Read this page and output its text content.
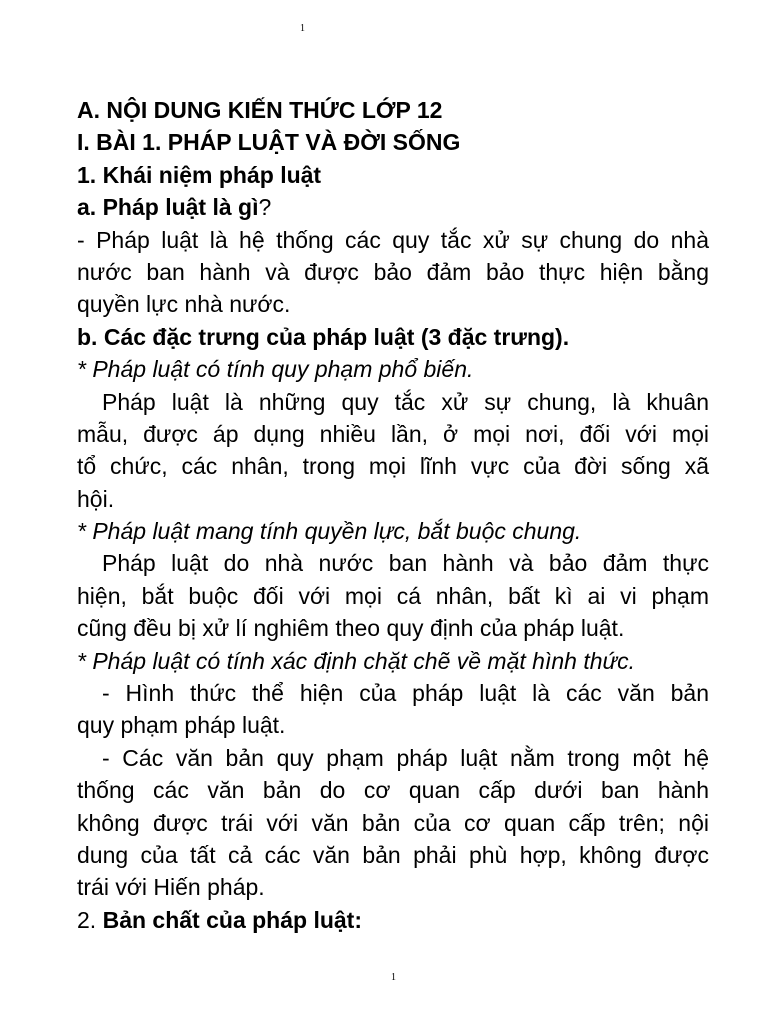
1
A. NỘI DUNG KIẾN THỨC LỚP 12
I. BÀI 1. PHÁP LUẬT VÀ ĐỜI SỐNG
1. Khái niệm pháp luật
a. Pháp luật là gì?
- Pháp luật là hệ thống các quy tắc xử sự chung do nhà
nước ban hành và được bảo đảm bảo thực hiện bằng
quyền lực nhà nước.
b. Các đặc trưng của pháp luật (3 đặc trưng).
* Pháp luật có tính quy phạm phổ biến.
Pháp luật là những quy tắc xử sự chung, là khuân
mẫu, được áp dụng nhiều lần, ở mọi nơi, đối với mọi
tổ chức, các nhân, trong mọi lĩnh vực của đời sống xã
hội.
* Pháp luật mang tính quyền lực, bắt buộc chung.
Pháp luật do nhà nước ban hành và bảo đảm thực
hiện, bắt buộc đối với mọi cá nhân, bất kì ai vi phạm
cũng đều bị xử lí nghiêm theo quy định của pháp luật.
* Pháp luật có tính xác định chặt chẽ về mặt hình thức.
- Hình thức thể hiện của pháp luật là các văn bản
quy phạm pháp luật.
- Các văn bản quy phạm pháp luật nằm trong một hệ
thống các văn bản do cơ quan cấp dưới ban hành
không được trái với văn bản của cơ quan cấp trên; nội
dung của tất cả các văn bản phải phù hợp, không được
trái với Hiến pháp.
2. Bản chất của pháp luật:
1
